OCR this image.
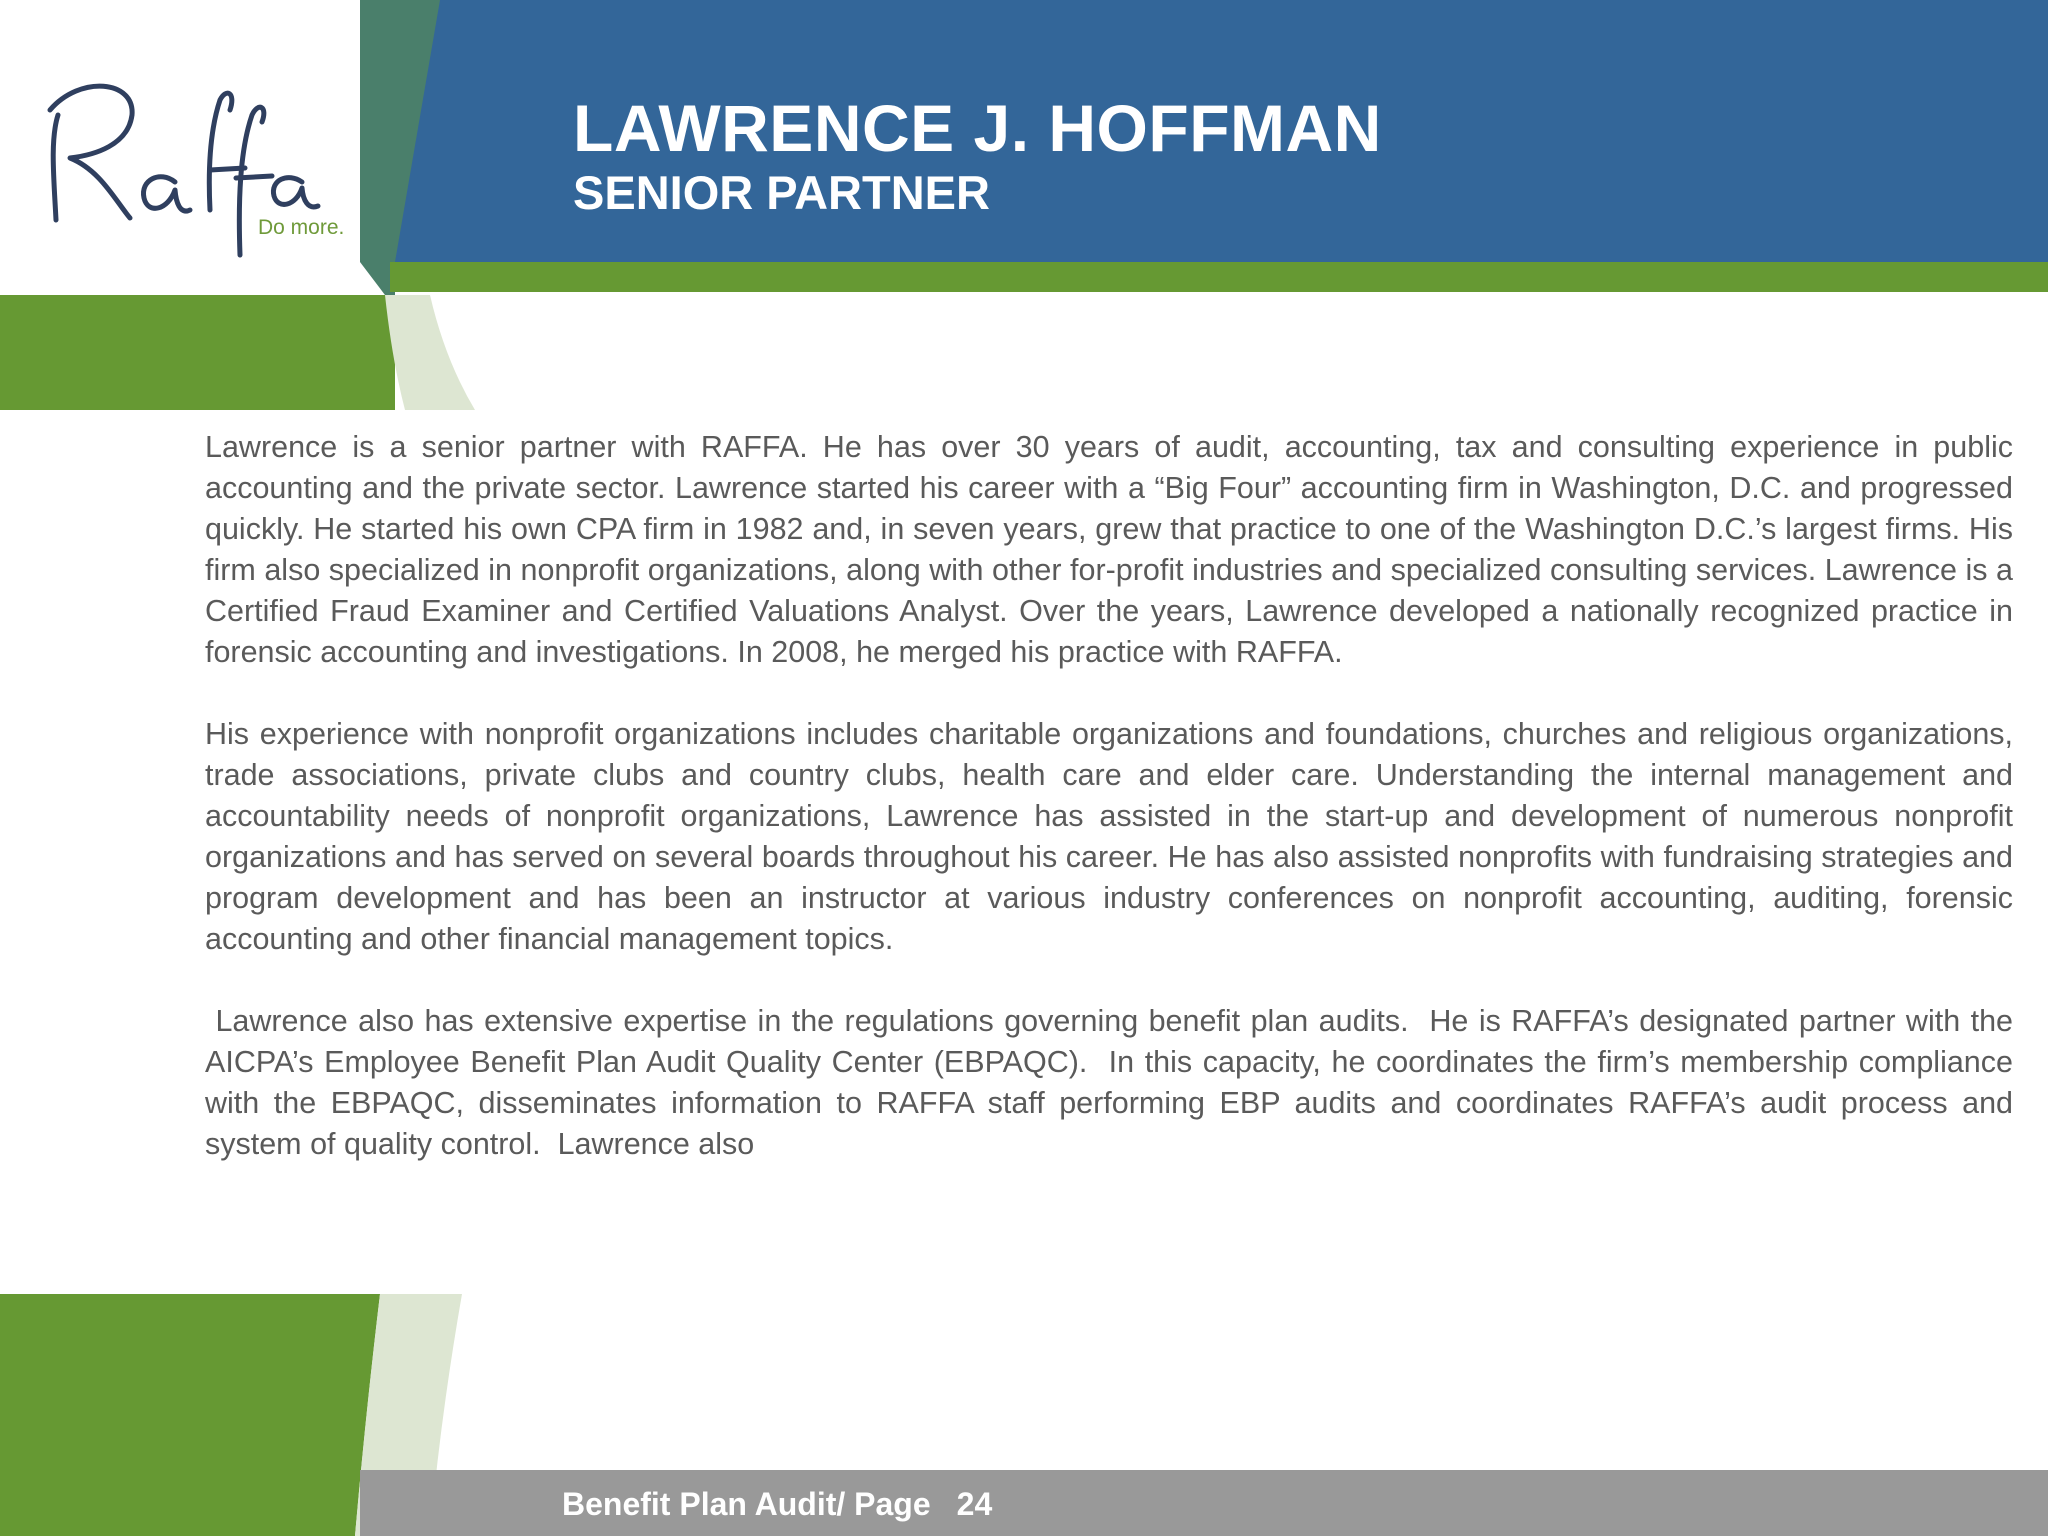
Do more.
LAWRENCE J. HOFFMAN
SENIOR PARTNER

Lawrence is a senior partner with RAFFA. He has over 30 years of audit, accounting, tax and consulting experience in public accounting and the private sector. Lawrence started his career with a “Big Four” accounting firm in Washington, D.C. and progressed quickly. He started his own CPA firm in 1982 and, in seven years, grew that practice to one of the Washington D.C.’s largest firms. His firm also specialized in nonprofit organizations, along with other for-profit industries and specialized consulting services. Lawrence is a Certified Fraud Examiner and Certified Valuations Analyst. Over the years, Lawrence developed a nationally recognized practice in forensic accounting and investigations. In 2008, he merged his practice with RAFFA.

His experience with nonprofit organizations includes charitable organizations and foundations, churches and religious organizations, trade associations, private clubs and country clubs, health care and elder care. Understanding the internal management and accountability needs of nonprofit organizations, Lawrence has assisted in the start-up and development of numerous nonprofit organizations and has served on several boards throughout his career. He has also assisted nonprofits with fundraising strategies and program development and has been an instructor at various industry conferences on nonprofit accounting, auditing, forensic accounting and other financial management topics.

Lawrence also has extensive expertise in the regulations governing benefit plan audits.  He is RAFFA’s designated partner with the AICPA’s Employee Benefit Plan Audit Quality Center (EBPAQC).  In this capacity, he coordinates the firm’s membership compliance with the EBPAQC, disseminates information to RAFFA staff performing EBP audits and coordinates RAFFA’s audit process and system of quality control.  Lawrence also

Benefit Plan Audit/ Page 24
